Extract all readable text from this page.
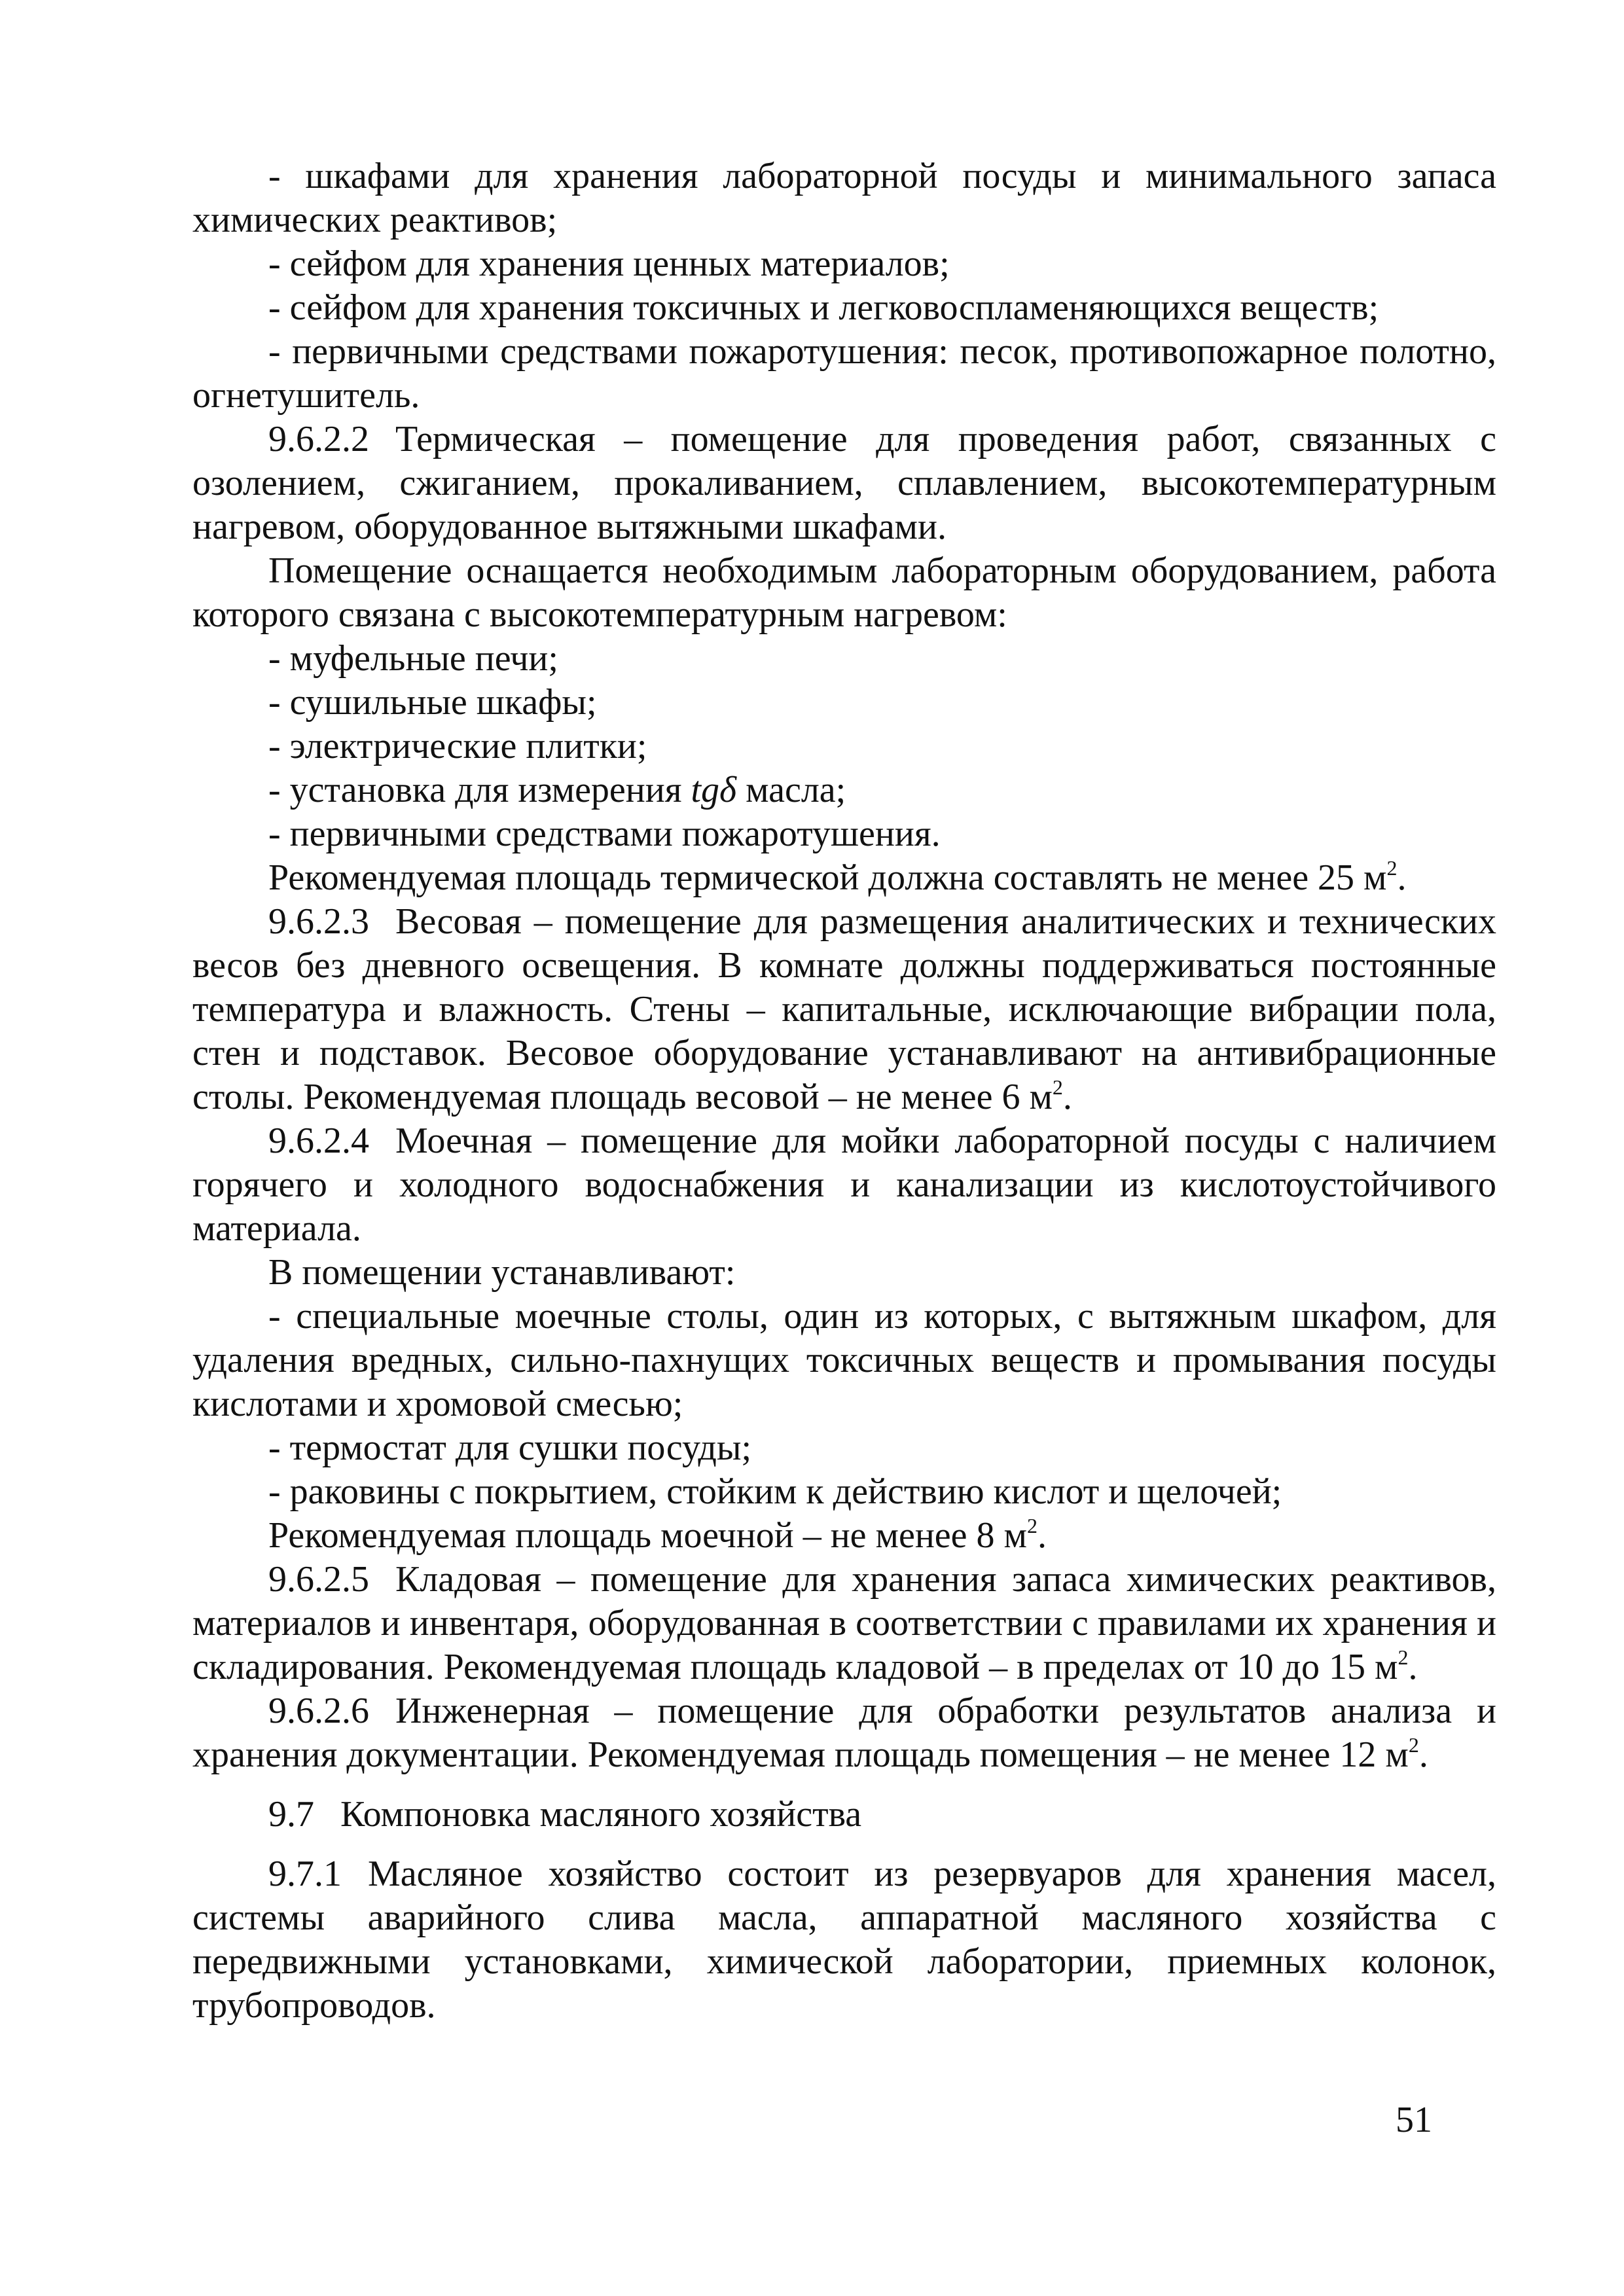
- шкафами для хранения лабораторной посуды и минимального запаса химических реактивов;

- сейфом для хранения ценных материалов;

- сейфом для хранения токсичных и легковоспламеняющихся веществ;

- первичными средствами пожаротушения: песок, противопожарное полотно, огнетушитель.

9.6.2.2 Термическая – помещение для проведения работ, связанных с озолением, сжиганием, прокаливанием, сплавлением, высокотемпературным нагревом, оборудованное вытяжными шкафами.

Помещение оснащается необходимым лабораторным оборудованием, работа которого связана с высокотемпературным нагревом:

- муфельные печи;

- сушильные шкафы;

- электрические плитки;

- установка для измерения tgδ масла;

- первичными средствами пожаротушения.

Рекомендуемая площадь термической должна составлять не менее 25 $м^2$.

9.6.2.3 Весовая – помещение для размещения аналитических и технических весов без дневного освещения. В комнате должны поддерживаться постоянные температура и влажность. Стены – капитальные, исключающие вибрации пола, стен и подставок. Весовое оборудование устанавливают на антивибрационные столы. Рекомендуемая площадь весовой – не менее 6 $м^2$.

9.6.2.4 Моечная – помещение для мойки лабораторной посуды с наличием горячего и холодного водоснабжения и канализации из кислотоустойчивого материала.

В помещении устанавливают:

- специальные моечные столы, один из которых, с вытяжным шкафом, для удаления вредных, сильно-пахнущих токсичных веществ и промывания посуды кислотами и хромовой смесью;

- термостат для сушки посуды;

- раковины с покрытием, стойким к действию кислот и щелочей;

Рекомендуемая площадь моечной – не менее 8 $м^2$.

9.6.2.5 Кладовая – помещение для хранения запаса химических реактивов, материалов и инвентаря, оборудованная в соответствии с правилами их хранения и складирования. Рекомендуемая площадь кладовой – в пределах от 10 до 15 $м^2$.

9.6.2.6 Инженерная – помещение для обработки результатов анализа и хранения документации. Рекомендуемая площадь помещения – не менее 12 $м^2$.

9.7 Компоновка масляного хозяйства

9.7.1 Масляное хозяйство состоит из резервуаров для хранения масел, системы аварийного слива масла, аппаратной масляного хозяйства с передвижными установками, химической лаборатории, приемных колонок, трубопроводов.

51
